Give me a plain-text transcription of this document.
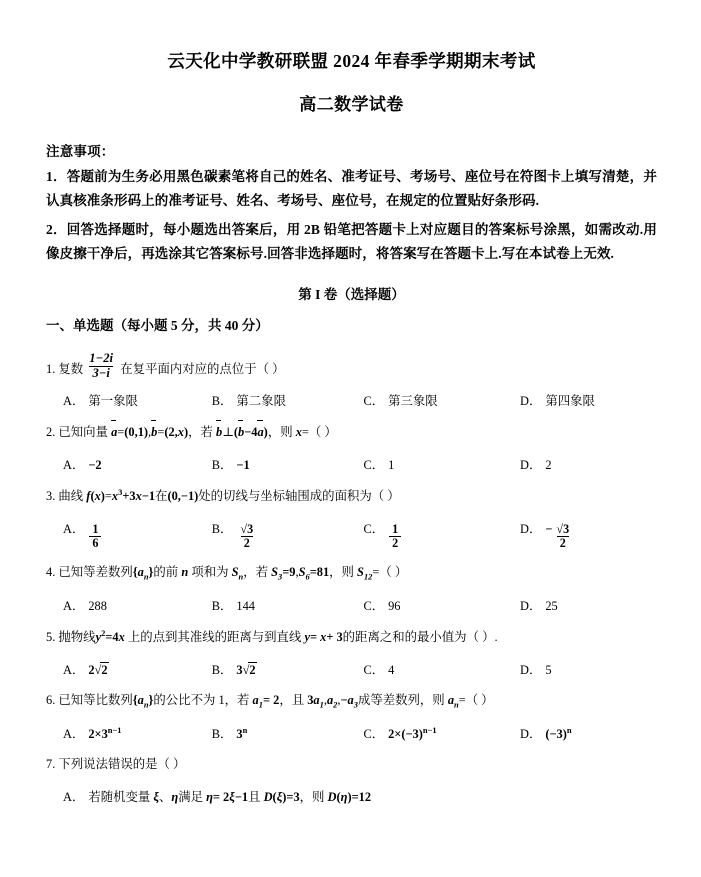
云天化中学教研联盟 2024 年春季学期期末考试
高二数学试卷
注意事项：
1．答题前为生务必用黑色碳素笔将自己的姓名、准考证号、考场号、座位号在符图卡上填写清楚，并认真核准条形码上的准考证号、姓名、考场号、座位号，在规定的位置贴好条形码.
2．回答选择题时，每小题选出答案后，用 2B 铅笔把答题卡上对应题目的答案标号涂黑，如需改动.用像皮擦干净后，再选涂其它答案标号.回答非选择题时，将答案写在答题卡上.写在本试卷上无效.
第 I 卷（选择题）
一、单选题（每小题 5 分，共 40 分）
1. 复数 $\frac{1-2i}{3-i}$ 在复平面内对应的点位于（ ）
A． 第一象限	B． 第二象限	C． 第三象限	D． 第四象限
2. 已知向量 a=(0,1),b=(2,x)，若 b⊥(b−4a)，则 x=（ ）
A． −2	B． −1	C． 1	D． 2
3. 曲线 $f(x)=x^3+3x-1$在(0,−1)处的切线与坐标轴围成的面积为（ ）
A． $\frac{1}{6}$	B． $\frac{√3}{2}$	C． $\frac{1}{2}$	D． − $\frac{√3}{2}$
4. 已知等差数列$\{a_n\}$的前 n 项和为 $S_n$，若 $S_3=9,S_6=81$，则 $S_{12}=$（ ）
A． 288	B． 144	C． 96	D． 25
5. 抛物线$y^2=4x$ 上的点到其准线的距离与到直线 y= x+ 3的距离之和的最小值为（ ）.
A． 2 √ 2	B． 3 √ 2	C． 4	D． 5
6. 已知等比数列$\{a_n\}$的公比不为 1，若 $a_1= 2$，且 $3a_1,a_2,-a_3$成等差数列，则 $a_n=$（ ）
A． $2\times 3^{n-1}$	B． 3$^n$	C． $2\times(-3)^{n-1}$	D． $(-3)^n$
7. 下列说法错误的是（ ）
A． 若随机变量 ξ、η满足 η= 2ξ−1且 D(ξ)=3，则 D(η)=12
